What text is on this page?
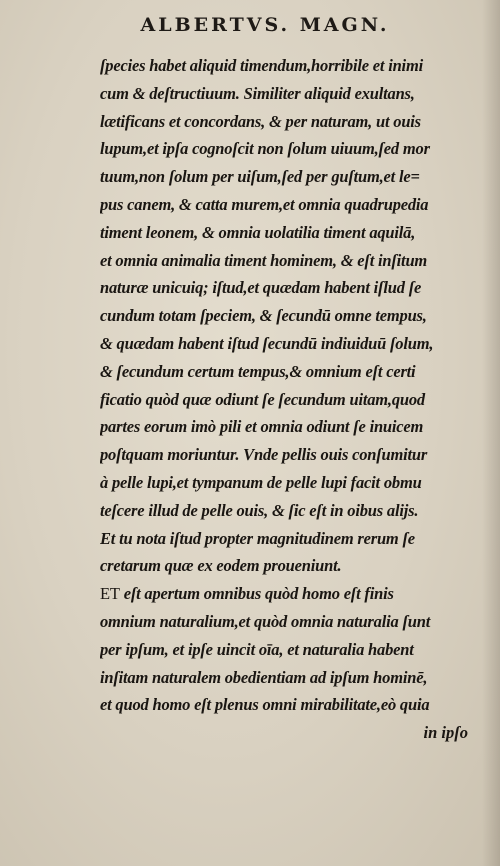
ALBERTVS. MAGN.
ſpecies habet aliquid timendum,horribile et inimi
cum & deſtructiuum. Similiter aliquid exultans,
lætificans et concordans, & per naturam, ut ouis
lupum,et ipſa cognoſcit non ſolum uiuum,ſed mor
tuum,non ſolum per uiſum,ſed per guſtum,et le=
pus canem, & catta murem,et omnia quadrupedia
timent leonem, & omnia uolatilia timent aquilā,
et omnia animalia timent hominem, & eſt inſitum
naturæ unicuiq; iſtud,et quædam habent iſlud ſe
cundum totam ſpeciem, & ſecundū omne tempus,
& quædam habent iſtud ſecundū indiuiduū ſolum,
& ſecundum certum tempus,& omnium eſt certi
ficatio quòd quæ odiunt ſe ſecundum uitam,quod
partes eorum imò pili et omnia odiunt ſe inuicem
poſtquam moriuntur. Vnde pellis ouis conſumitur
à pelle lupi,et tympanum de pelle lupi facit obmu
teſcere illud de pelle ouis, & ſic eſt in oibus alijs.
Et tu nota iſtud propter magnitudinem rerum ſe
cretarum quæ ex eodem proueniunt.
ET eſt apertum omnibus quòd homo eſt finis
omnium naturalium,et quòd omnia naturalia ſunt
per ipſum, et ipſe uincit oīa, et naturalia habent
inſitam naturalem obedientiam ad ipſum hominē,
et quod homo eſt plenus omni mirabilitate,eò quia
in ipſo
